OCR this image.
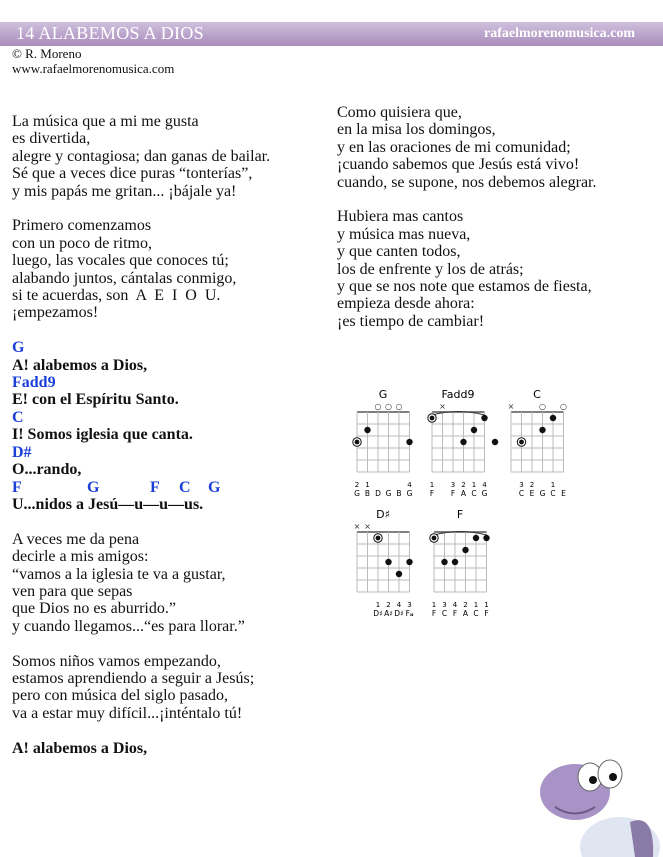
14 ALABEMOS A DIOS	rafaelmorenomusica.com
© R. Moreno
www.rafaelmorenomusica.com
La música que a mi me gusta
es divertida,
alegre y contagiosa; dan ganas de bailar.
Sé que a veces dice puras “tonterías”,
y mis papás me gritan... ¡bájale ya!
Primero comenzamos
con un poco de ritmo,
luego, las vocales que conoces tú;
alabando juntos, cántalas conmigo,
si te acuerdas, son  A  E  I  O  U.
¡empezamos!
G
A! alabemos a Dios,
Fadd9
E! con el Espíritu Santo.
C
I! Somos iglesia que canta.
D#
O...rando,
F	G	F C G
U...nidos a Jesú—u—u—us.
A veces me da pena
decirle a mis amigos:
“vamos a la iglesia te va a gustar,
ven para que sepas
que Dios no es aburrido.”
y cuando llegamos...“es para llorar.”
Somos niños vamos empezando,
estamos aprendiendo a seguir a Jesús;
pero con música del siglo pasado,
va a estar muy difícil...¡inténtalo tú!
A! alabemos a Dios,
Como quisiera que,
en la misa los domingos,
y en las oraciones de mi comunidad;
¡cuando sabemos que Jesús está vivo!
cuando, se supone, nos debemos alegrar.
Hubiera mas cantos
y música mas nueva,
y que canten todos,
los de enfrente y los de atrás;
y que se nos note que estamos de fiesta,
empieza desde ahora:
¡es tiempo de cambiar!
G
○ ○ ○
2 1	4
G B D G B G
Fadd9
×
1 3 2 1 4
F F A C G
C
×	○ ○
3 2 1
C E G C E
D♯
× ×
1 2 4 3
D♯ A♯ D♯ F𝄪
F
1 3 4 2 1 1
F C F A C F
